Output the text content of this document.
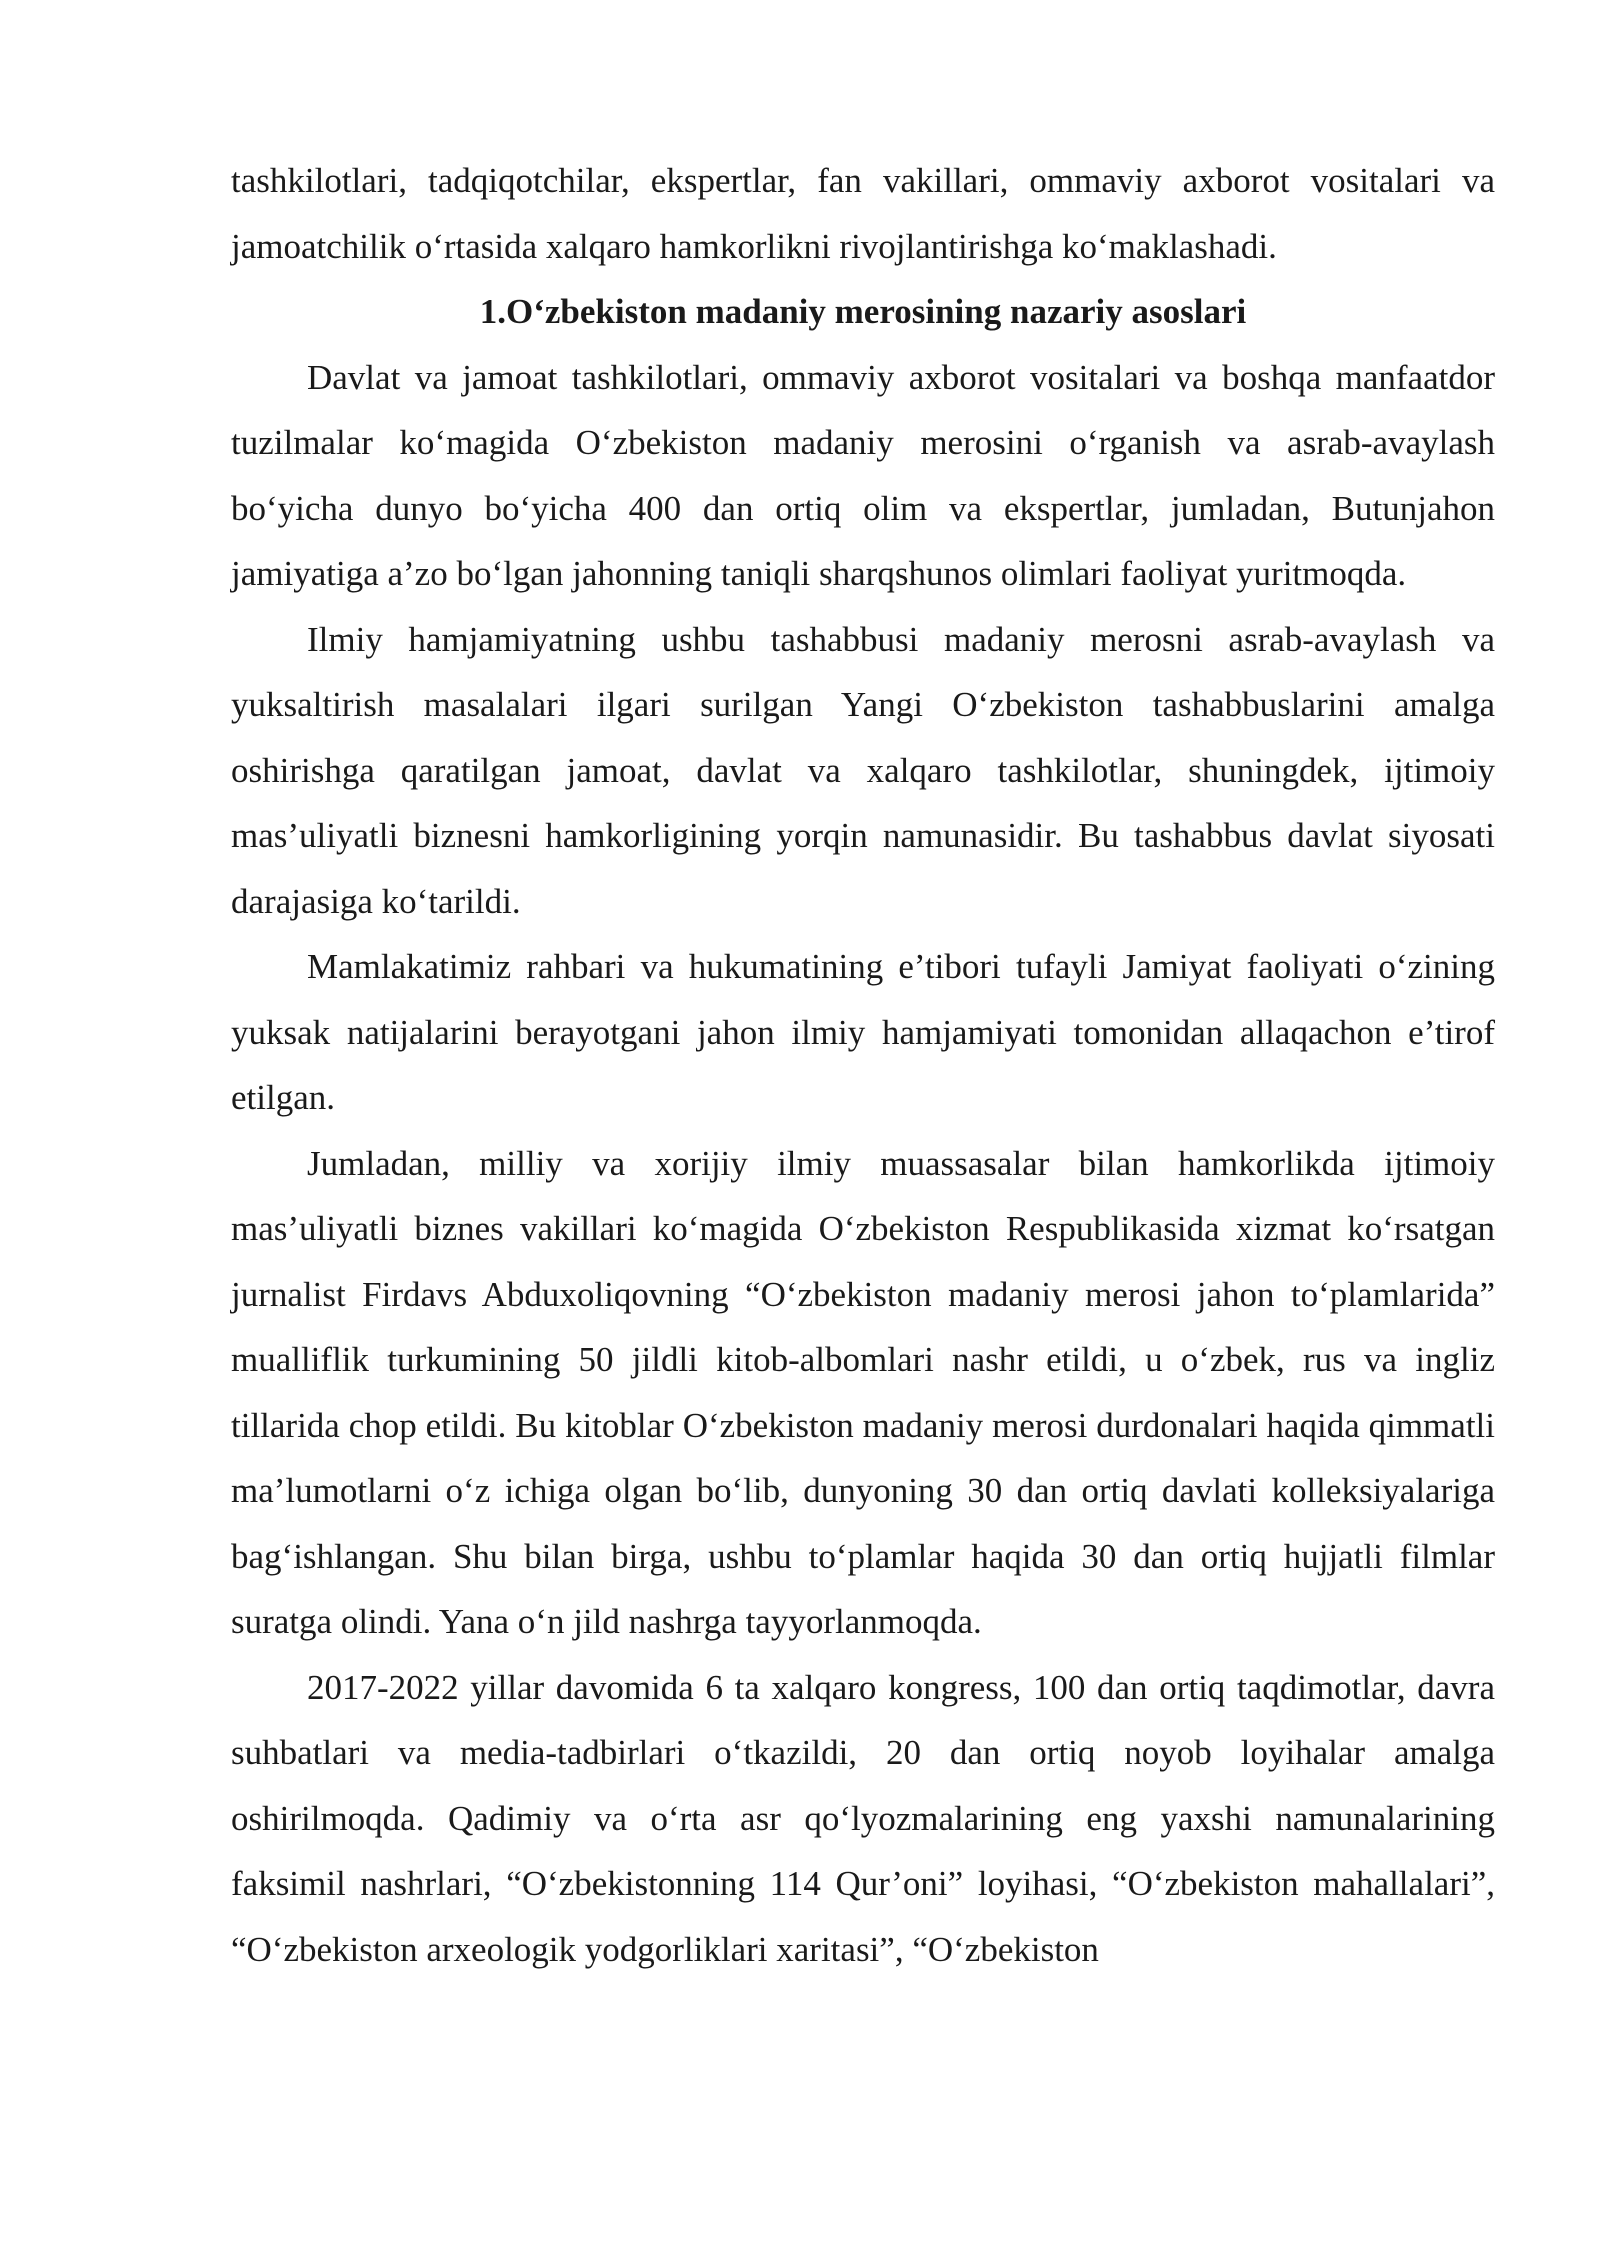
tashkilotlari, tadqiqotchilar, ekspertlar, fan vakillari, ommaviy axborot vositalari va jamoatchilik o‘rtasida xalqaro hamkorlikni rivojlantirishga ko‘maklashadi.

1.O‘zbekiston madaniy merosining nazariy asoslari

Davlat va jamoat tashkilotlari, ommaviy axborot vositalari va boshqa manfaatdor tuzilmalar ko‘magida O‘zbekiston madaniy merosini o‘rganish va asrab-avaylash bo‘yicha dunyo bo‘yicha 400 dan ortiq olim va ekspertlar, jumladan, Butunjahon jamiyatiga a’zo bo‘lgan jahonning taniqli sharqshunos olimlari faoliyat yuritmoqda.

Ilmiy hamjamiyatning ushbu tashabbusi madaniy merosni asrab-avaylash va yuksaltirish masalalari ilgari surilgan Yangi O‘zbekiston tashabbuslarini amalga oshirishga qaratilgan jamoat, davlat va xalqaro tashkilotlar, shuningdek, ijtimoiy mas’uliyatli biznesni hamkorligining yorqin namunasidir. Bu tashabbus davlat siyosati darajasiga ko‘tarildi.

Mamlakatimiz rahbari va hukumatining e’tibori tufayli Jamiyat faoliyati o‘zining yuksak natijalarini berayotgani jahon ilmiy hamjamiyati tomonidan allaqachon e’tirof etilgan.

Jumladan, milliy va xorijiy ilmiy muassasalar bilan hamkorlikda ijtimoiy mas’uliyatli biznes vakillari ko‘magida O‘zbekiston Respublikasida xizmat ko‘rsatgan jurnalist Firdavs Abduxoliqovning “O‘zbekiston madaniy merosi jahon to‘plamlarida” mualliflik turkumining 50 jildli kitob-albomlari nashr etildi, u o‘zbek, rus va ingliz tillarida chop etildi. Bu kitoblar O‘zbekiston madaniy merosi durdonalari haqida qimmatli ma’lumotlarni o‘z ichiga olgan bo‘lib, dunyoning 30 dan ortiq davlati kolleksiyalariga bag‘ishlangan. Shu bilan birga, ushbu to‘plamlar haqida 30 dan ortiq hujjatli filmlar suratga olindi. Yana o‘n jild nashrga tayyorlanmoqda.

2017-2022 yillar davomida 6 ta xalqaro kongress, 100 dan ortiq taqdimotlar, davra suhbatlari va media-tadbirlari o‘tkazildi, 20 dan ortiq noyob loyihalar amalga oshirilmoqda. Qadimiy va o‘rta asr qo‘lyozmalarining eng yaxshi namunalarining faksimil nashrlari, “O‘zbekistonning 114 Qur’oni” loyihasi, “O‘zbekiston mahallalari”, “O‘zbekiston arxeologik yodgorliklari xaritasi”, “O‘zbekiston
